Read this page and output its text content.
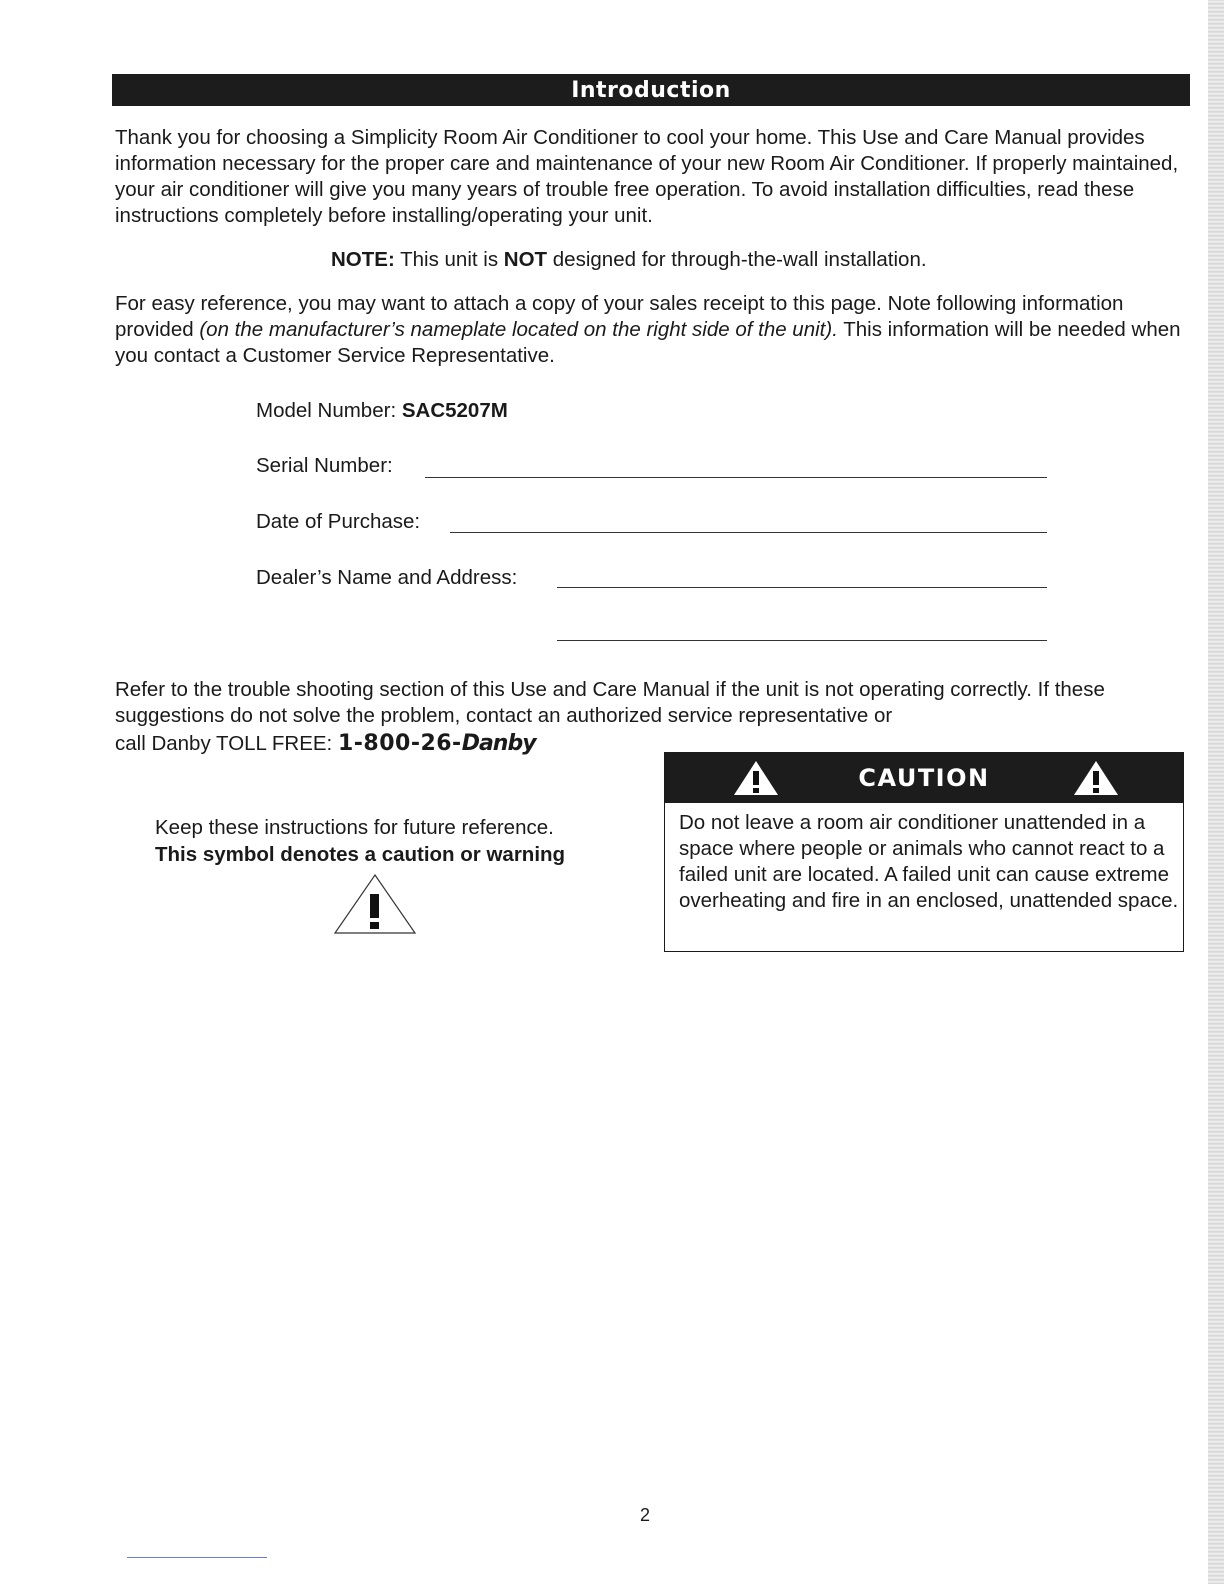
Introduction

Thank you for choosing a Simplicity Room Air Conditioner to cool your home. This Use and Care Manual provides information necessary for the proper care and maintenance of your new Room Air Conditioner. If properly maintained, your air conditioner will give you many years of trouble free operation. To avoid installation difficulties, read these instructions completely before installing/operating your unit.

NOTE: This unit is NOT designed for through-the-wall installation.

For easy reference, you may want to attach a copy of your sales receipt to this page. Note following information provided (on the manufacturer’s nameplate located on the right side of the unit). This information will be needed when you contact a Customer Service Representative.

Model Number: SAC5207M

Serial Number:

Date of Purchase:

Dealer’s Name and Address:

Refer to the trouble shooting section of this Use and Care Manual if the unit is not operating correctly. If these suggestions do not solve the problem, contact an authorized service representative or

call Danby TOLL FREE: 1-800-26-Danby

Keep these instructions for future reference.

This symbol denotes a caution or warning

CAUTION

Do not leave a room air conditioner unattended in a space where people or animals who cannot react to a failed unit are located. A failed unit can cause extreme overheating and fire in an enclosed, unattended space.

2
